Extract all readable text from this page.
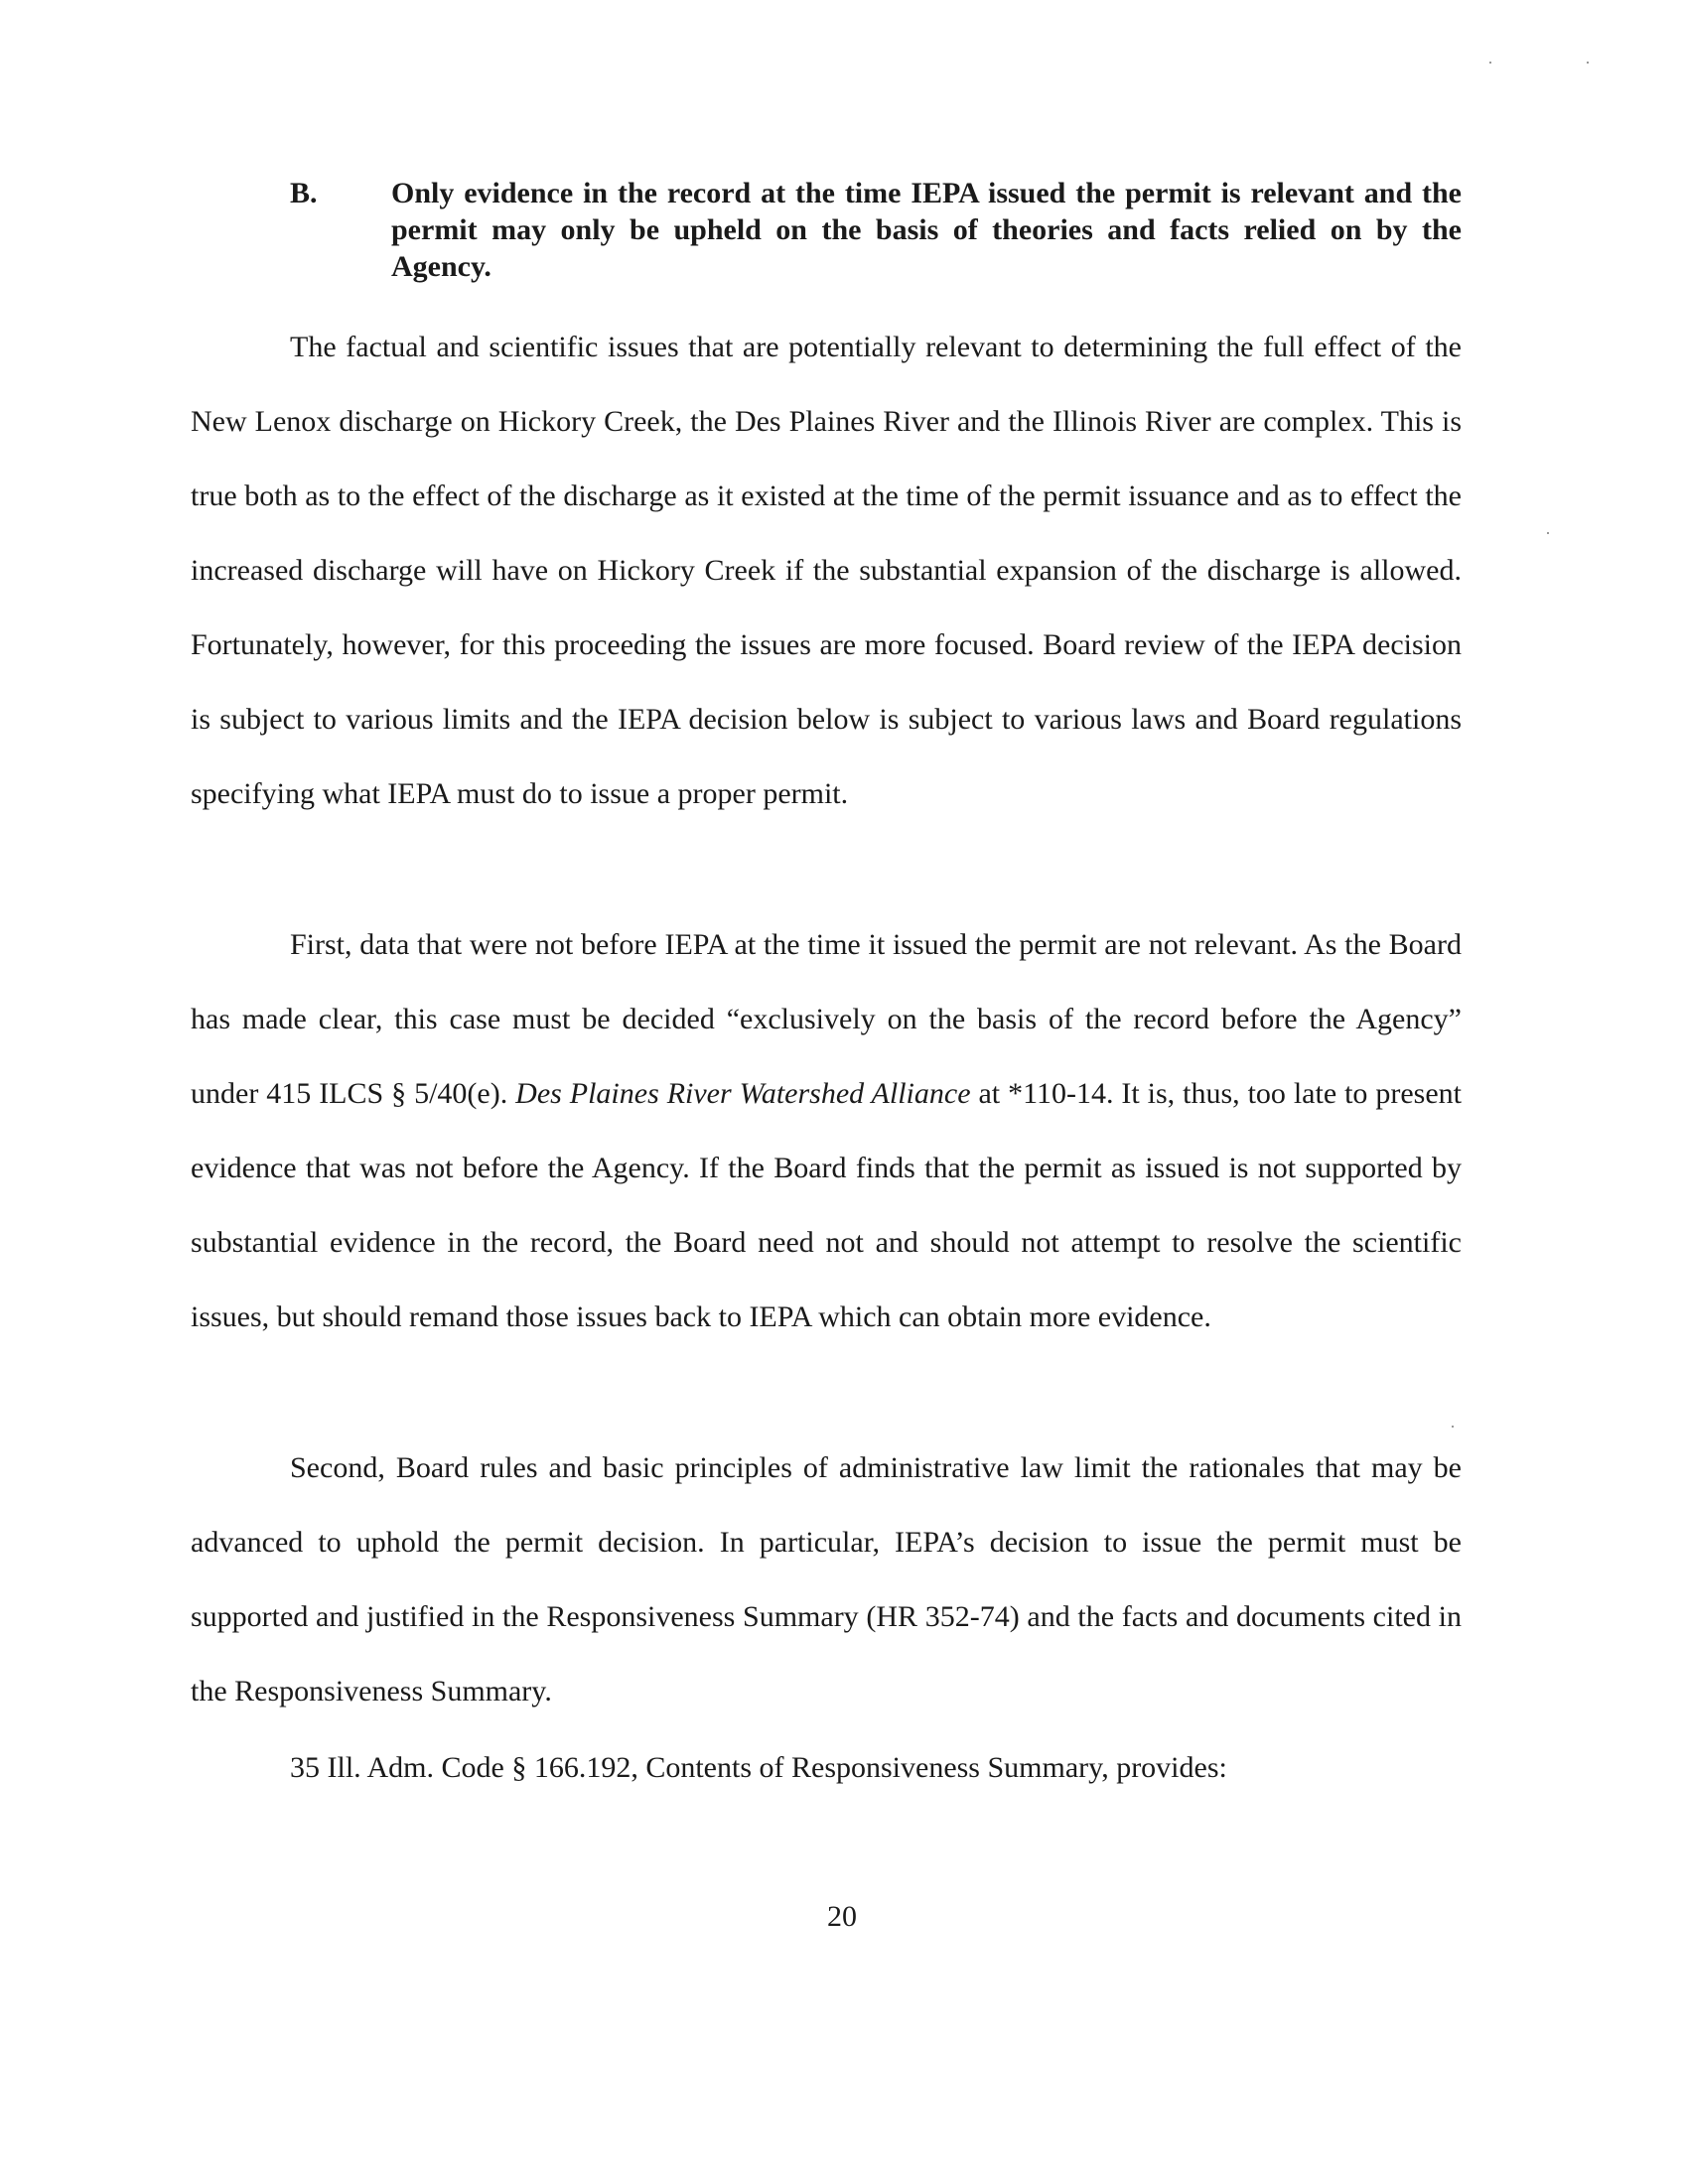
B. Only evidence in the record at the time IEPA issued the permit is relevant and the permit may only be upheld on the basis of theories and facts relied on by the Agency.

The factual and scientific issues that are potentially relevant to determining the full effect of the New Lenox discharge on Hickory Creek, the Des Plaines River and the Illinois River are complex. This is true both as to the effect of the discharge as it existed at the time of the permit issuance and as to effect the increased discharge will have on Hickory Creek if the substantial expansion of the discharge is allowed. Fortunately, however, for this proceeding the issues are more focused. Board review of the IEPA decision is subject to various limits and the IEPA decision below is subject to various laws and Board regulations specifying what IEPA must do to issue a proper permit.

First, data that were not before IEPA at the time it issued the permit are not relevant. As the Board has made clear, this case must be decided “exclusively on the basis of the record before the Agency” under 415 ILCS § 5/40(e). Des Plaines River Watershed Alliance at *110-14. It is, thus, too late to present evidence that was not before the Agency. If the Board finds that the permit as issued is not supported by substantial evidence in the record, the Board need not and should not attempt to resolve the scientific issues, but should remand those issues back to IEPA which can obtain more evidence.

Second, Board rules and basic principles of administrative law limit the rationales that may be advanced to uphold the permit decision. In particular, IEPA’s decision to issue the permit must be supported and justified in the Responsiveness Summary (HR 352-74) and the facts and documents cited in the Responsiveness Summary.

35 Ill. Adm. Code § 166.192, Contents of Responsiveness Summary, provides:

20
